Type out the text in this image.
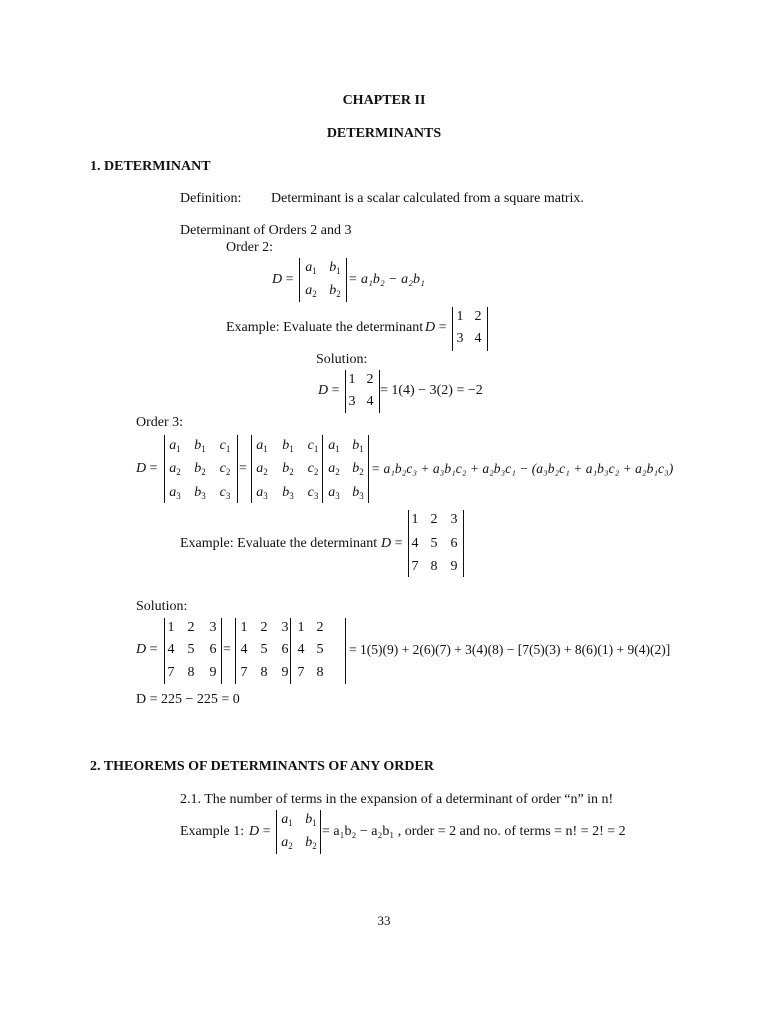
CHAPTER II
DETERMINANTS
1. DETERMINANT
Definition: Determinant is a scalar calculated from a square matrix.
Determinant of Orders 2 and 3
Order 2:
D =
$a_1$ $b_1$
$a_2$ $b_2$
= a₁b₂ − a₂b₁
Example: Evaluate the determinant D =
1 2
3 4
Solution:
D =
1 2
3 4
= 1(4) − 3(2) = −2
Order 3:
D =
$a_1$ $b_1$ $c_1$
$a_2$ $b_2$ $c_2$
$a_3$ $b_3$ $c_3$
=
$a_1$ $b_1$ $c_1$ $a_1$ $b_1$
$a_2$ $b_2$ $c_2$ $a_2$ $b_2$
$a_3$ $b_3$ $c_3$ $a_3$ $b_3$
= a₁b₂c₃ + a₃b₁c₂ + a₂b₃c₁ − (a₃b₂c₁ + a₁b₃c₂ + a₂b₁c₃)
Example: Evaluate the determinant D =
1 2 3
4 5 6
7 8 9
Solution:
D =
1 2	3
4 5	6
7 8	9
=
1 2	3 1 2
4 5	6 4 5
7 8	9 7 8
= 1(5)(9) + 2(6)(7) + 3(4)(8) − [7(5)(3) + 8(6)(1) + 9(4)(2)]
D = 225 − 225 = 0
2. THEOREMS OF DETERMINANTS OF ANY ORDER
2.1. The number of terms in the expansion of a determinant of order “n” in n!
Example 1: D =
$a_1$ $b_1$
$a_2$ $b_2$
= a₁b₂ − a₂b₁ , order = 2 and no. of terms = n! = 2! = 2
33
